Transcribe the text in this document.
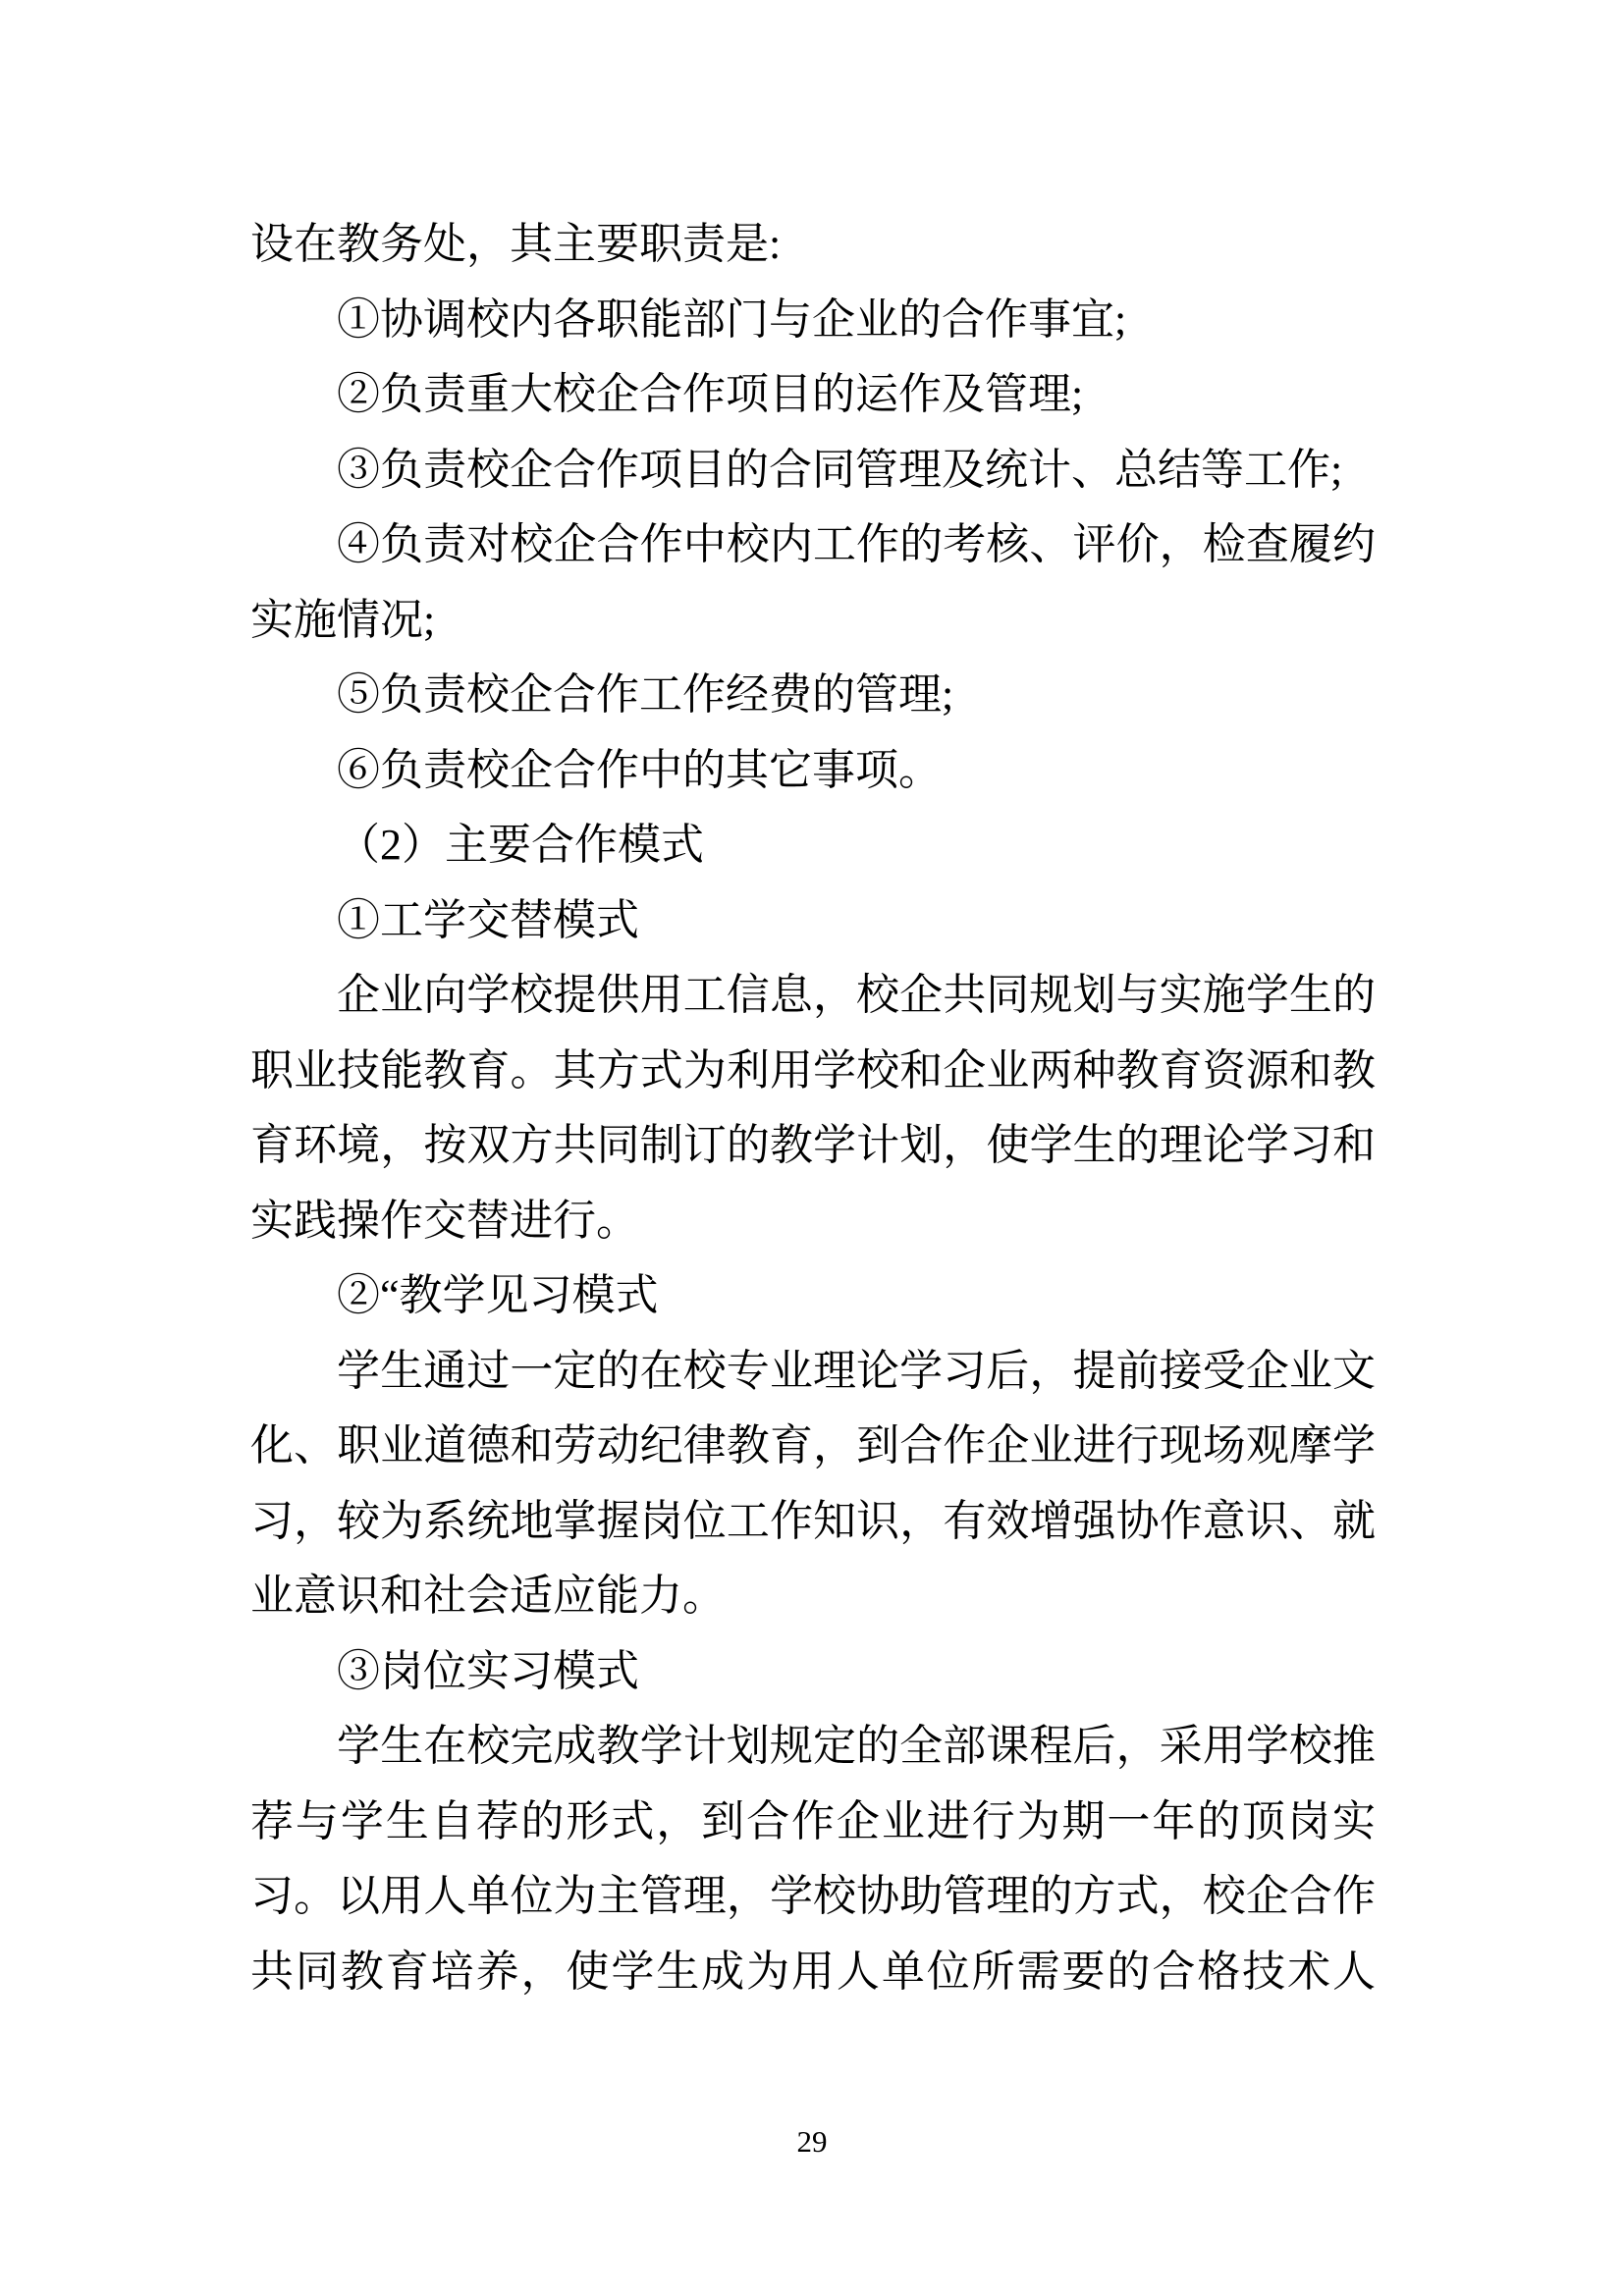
设在教务处，其主要职责是:
①协调校内各职能部门与企业的合作事宜;
②负责重大校企合作项目的运作及管理;
③负责校企合作项目的合同管理及统计、总结等工作;
④负责对校企合作中校内工作的考核、评价，检查履约
实施情况;
⑤负责校企合作工作经费的管理;
⑥负责校企合作中的其它事项。
（2）主要合作模式
①工学交替模式
企业向学校提供用工信息，校企共同规划与实施学生的
职业技能教育。其方式为利用学校和企业两种教育资源和教
育环境，按双方共同制订的教学计划，使学生的理论学习和
实践操作交替进行。
②“教学见习模式
学生通过一定的在校专业理论学习后，提前接受企业文
化、职业道德和劳动纪律教育，到合作企业进行现场观摩学
习，较为系统地掌握岗位工作知识，有效增强协作意识、就
业意识和社会适应能力。
③岗位实习模式
学生在校完成教学计划规定的全部课程后，采用学校推
荐与学生自荐的形式，到合作企业进行为期一年的顶岗实
习。以用人单位为主管理，学校协助管理的方式，校企合作
共同教育培养，使学生成为用人单位所需要的合格技术人
29
